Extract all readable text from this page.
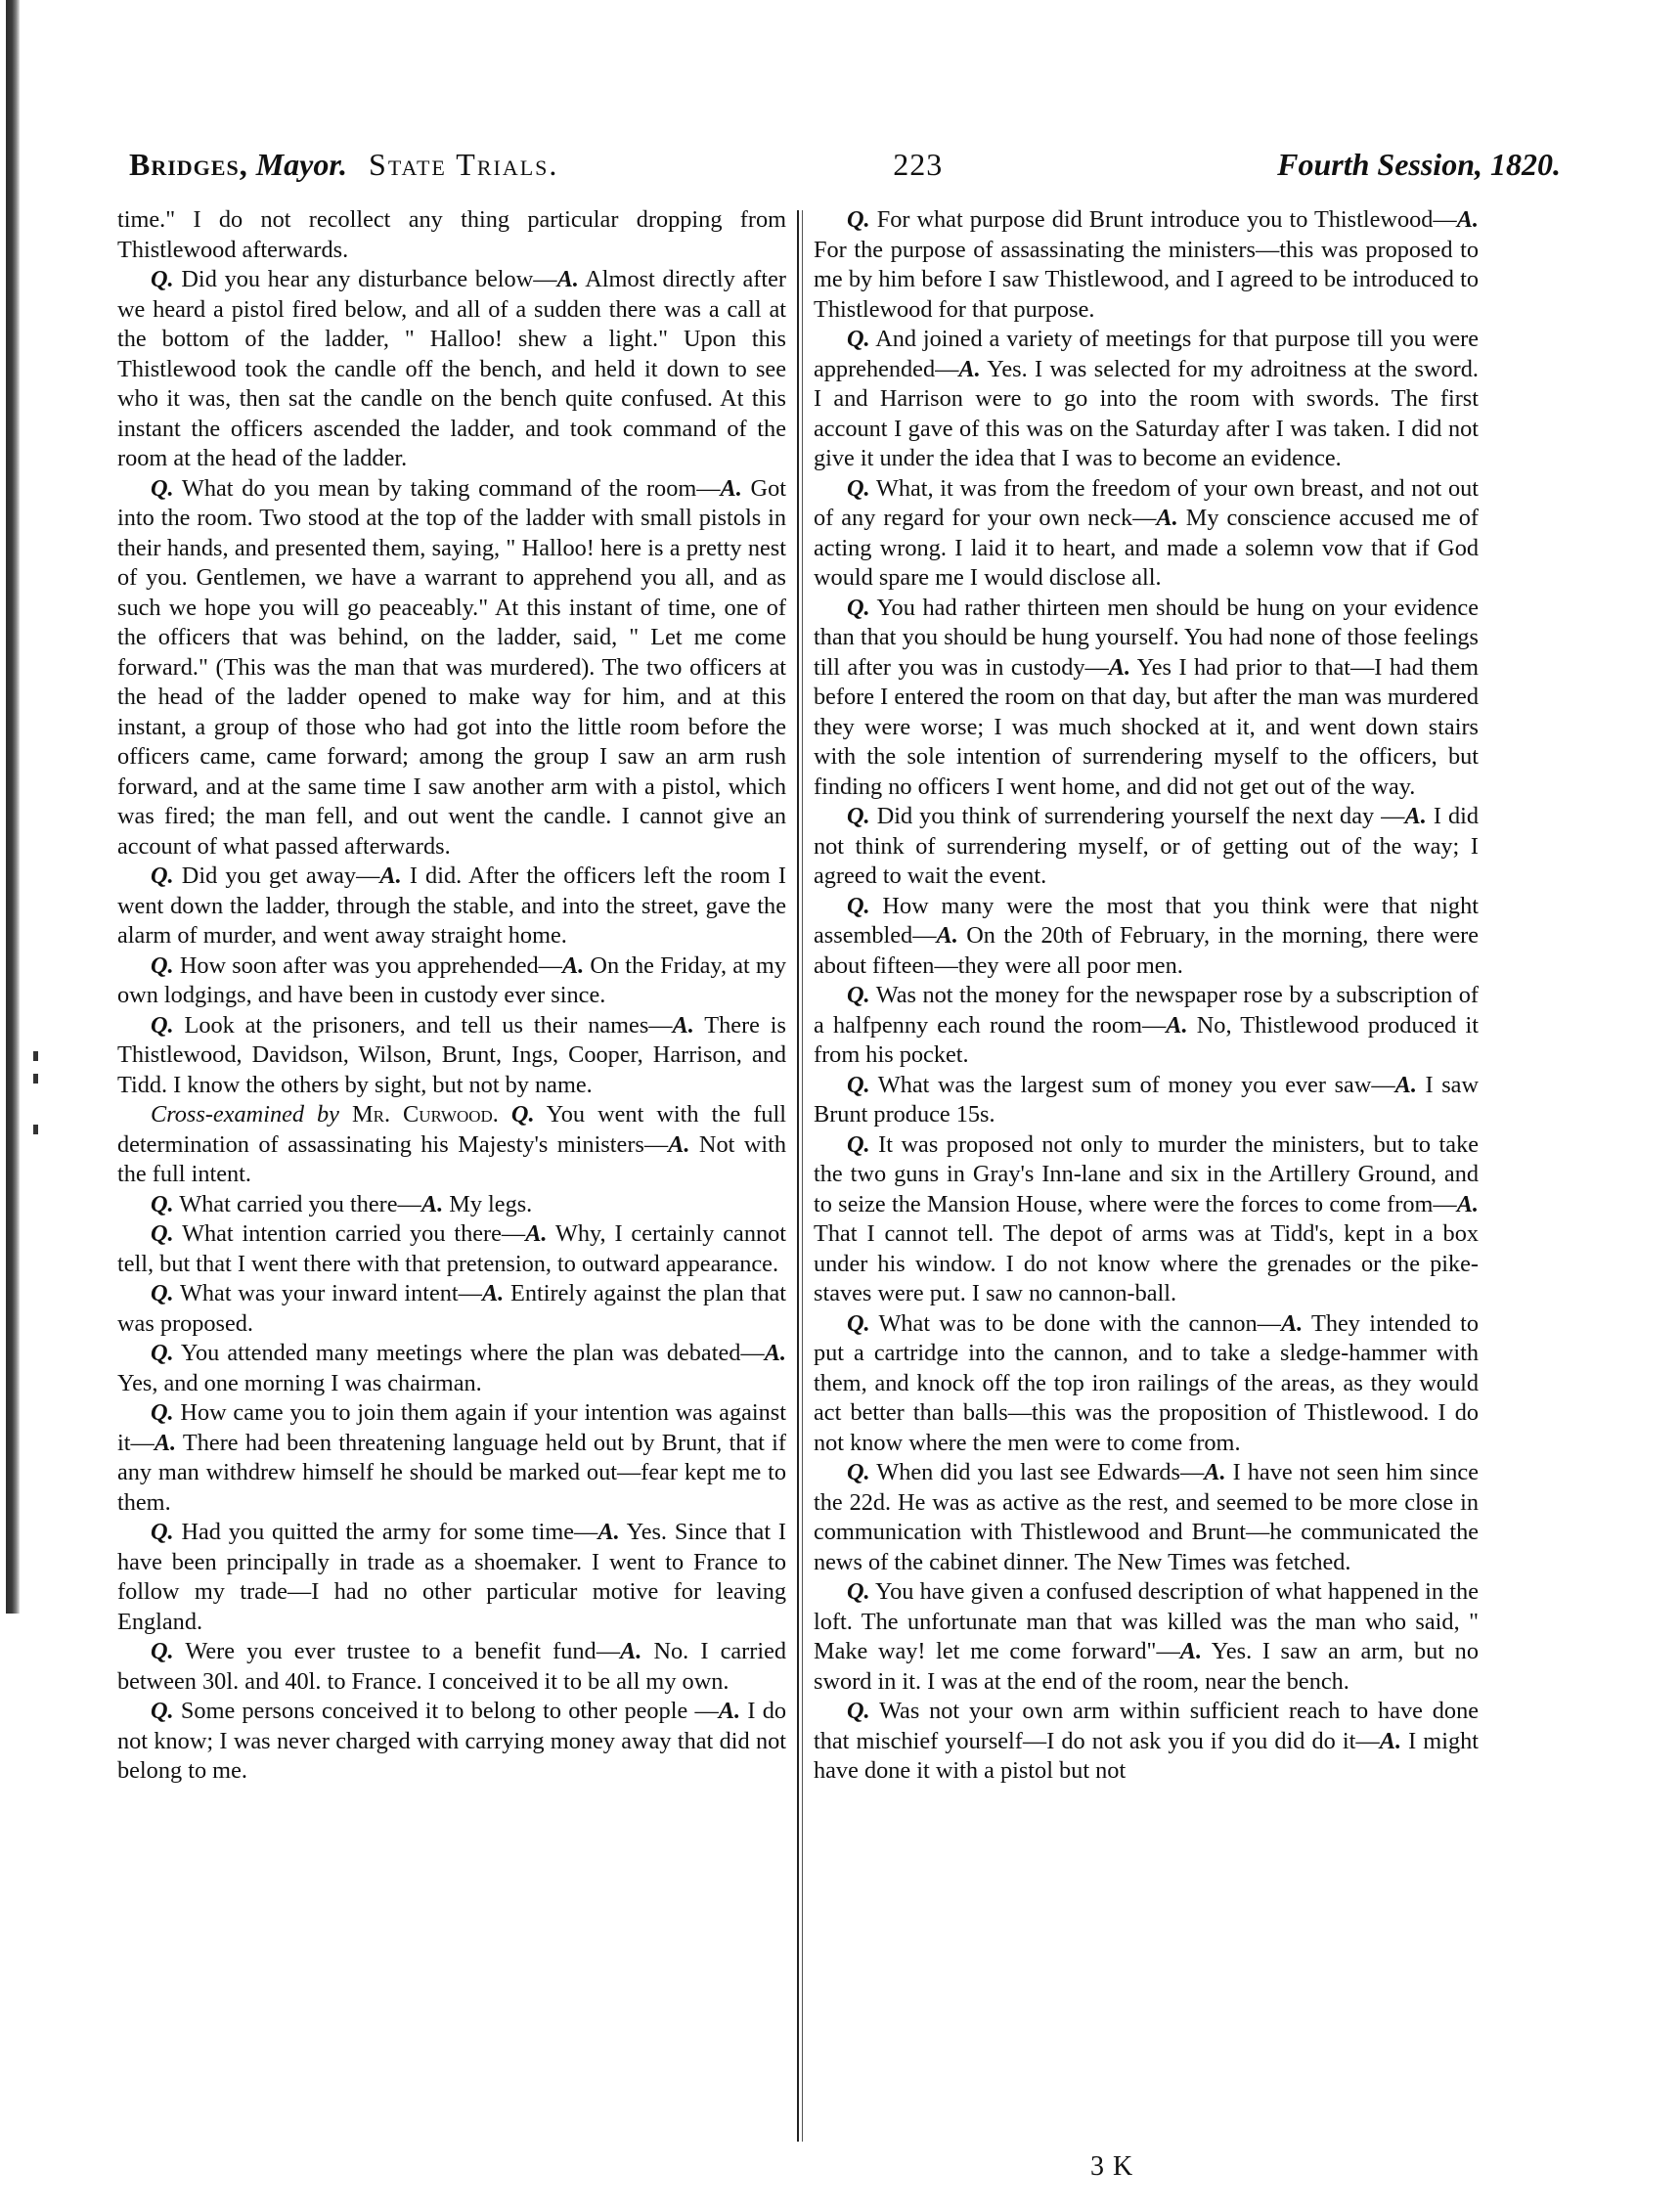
Bridges, Mayor. State Trials.	223	Fourth Session, 1820.

time." I do not recollect any thing particular dropping from Thistlewood afterwards.

Q. Did you hear any disturbance below—A. Almost directly after we heard a pistol fired below, and all of a sudden there was a call at the bottom of the ladder, " Halloo! shew a light." Upon this Thistlewood took the candle off the bench, and held it down to see who it was, then sat the candle on the bench quite confused. At this instant the officers ascended the ladder, and took command of the room at the head of the ladder.

Q. What do you mean by taking command of the room—A. Got into the room. Two stood at the top of the ladder with small pistols in their hands, and presented them, saying, " Halloo! here is a pretty nest of you. Gentlemen, we have a warrant to apprehend you all, and as such we hope you will go peaceably." At this instant of time, one of the officers that was behind, on the ladder, said, " Let me come forward." (This was the man that was murdered). The two officers at the head of the ladder opened to make way for him, and at this instant, a group of those who had got into the little room before the officers came, came forward; among the group I saw an arm rush forward, and at the same time I saw another arm with a pistol, which was fired; the man fell, and out went the candle. I cannot give an account of what passed afterwards.

Q. Did you get away—A. I did. After the officers left the room I went down the ladder, through the stable, and into the street, gave the alarm of murder, and went away straight home.

Q. How soon after was you apprehended—A. On the Friday, at my own lodgings, and have been in custody ever since.

Q. Look at the prisoners, and tell us their names—A. There is Thistlewood, Davidson, Wilson, Brunt, Ings, Cooper, Harrison, and Tidd. I know the others by sight, but not by name.

Cross-examined by Mr. Curwood. Q. You went with the full determination of assassinating his Majesty's ministers—A. Not with the full intent.

Q. What carried you there—A. My legs.

Q. What intention carried you there—A. Why, I certainly cannot tell, but that I went there with that pretension, to outward appearance.

Q. What was your inward intent—A. Entirely against the plan that was proposed.

Q. You attended many meetings where the plan was debated—A. Yes, and one morning I was chairman.

Q. How came you to join them again if your intention was against it—A. There had been threatening language held out by Brunt, that if any man withdrew himself he should be marked out—fear kept me to them.

Q. Had you quitted the army for some time—A. Yes. Since that I have been principally in trade as a shoemaker. I went to France to follow my trade—I had no other particular motive for leaving England.

Q. Were you ever trustee to a benefit fund—A. No. I carried between 30l. and 40l. to France. I conceived it to be all my own.

Q. Some persons conceived it to belong to other people —A. I do not know; I was never charged with carrying money away that did not belong to me.

Q. For what purpose did Brunt introduce you to Thistlewood—A. For the purpose of assassinating the ministers—this was proposed to me by him before I saw Thistlewood, and I agreed to be introduced to Thistlewood for that purpose.

Q. And joined a variety of meetings for that purpose till you were apprehended—A. Yes. I was selected for my adroitness at the sword. I and Harrison were to go into the room with swords. The first account I gave of this was on the Saturday after I was taken. I did not give it under the idea that I was to become an evidence.

Q. What, it was from the freedom of your own breast, and not out of any regard for your own neck—A. My conscience accused me of acting wrong. I laid it to heart, and made a solemn vow that if God would spare me I would disclose all.

Q. You had rather thirteen men should be hung on your evidence than that you should be hung yourself. You had none of those feelings till after you was in custody—A. Yes I had prior to that—I had them before I entered the room on that day, but after the man was murdered they were worse; I was much shocked at it, and went down stairs with the sole intention of surrendering myself to the officers, but finding no officers I went home, and did not get out of the way.

Q. Did you think of surrendering yourself the next day —A. I did not think of surrendering myself, or of getting out of the way; I agreed to wait the event.

Q. How many were the most that you think were that night assembled—A. On the 20th of February, in the morning, there were about fifteen—they were all poor men.

Q. Was not the money for the newspaper rose by a subscription of a halfpenny each round the room—A. No, Thistlewood produced it from his pocket.

Q. What was the largest sum of money you ever saw—A. I saw Brunt produce 15s.

Q. It was proposed not only to murder the ministers, but to take the two guns in Gray's Inn-lane and six in the Artillery Ground, and to seize the Mansion House, where were the forces to come from—A. That I cannot tell. The depot of arms was at Tidd's, kept in a box under his window. I do not know where the grenades or the pike-staves were put. I saw no cannon-ball.

Q. What was to be done with the cannon—A. They intended to put a cartridge into the cannon, and to take a sledge-hammer with them, and knock off the top iron railings of the areas, as they would act better than balls—this was the proposition of Thistlewood. I do not know where the men were to come from.

Q. When did you last see Edwards—A. I have not seen him since the 22d. He was as active as the rest, and seemed to be more close in communication with Thistlewood and Brunt—he communicated the news of the cabinet dinner. The New Times was fetched.

Q. You have given a confused description of what happened in the loft. The unfortunate man that was killed was the man who said, " Make way! let me come forward"—A. Yes. I saw an arm, but no sword in it. I was at the end of the room, near the bench.

Q. Was not your own arm within sufficient reach to have done that mischief yourself—I do not ask you if you did do it—A. I might have done it with a pistol but not

3 K
